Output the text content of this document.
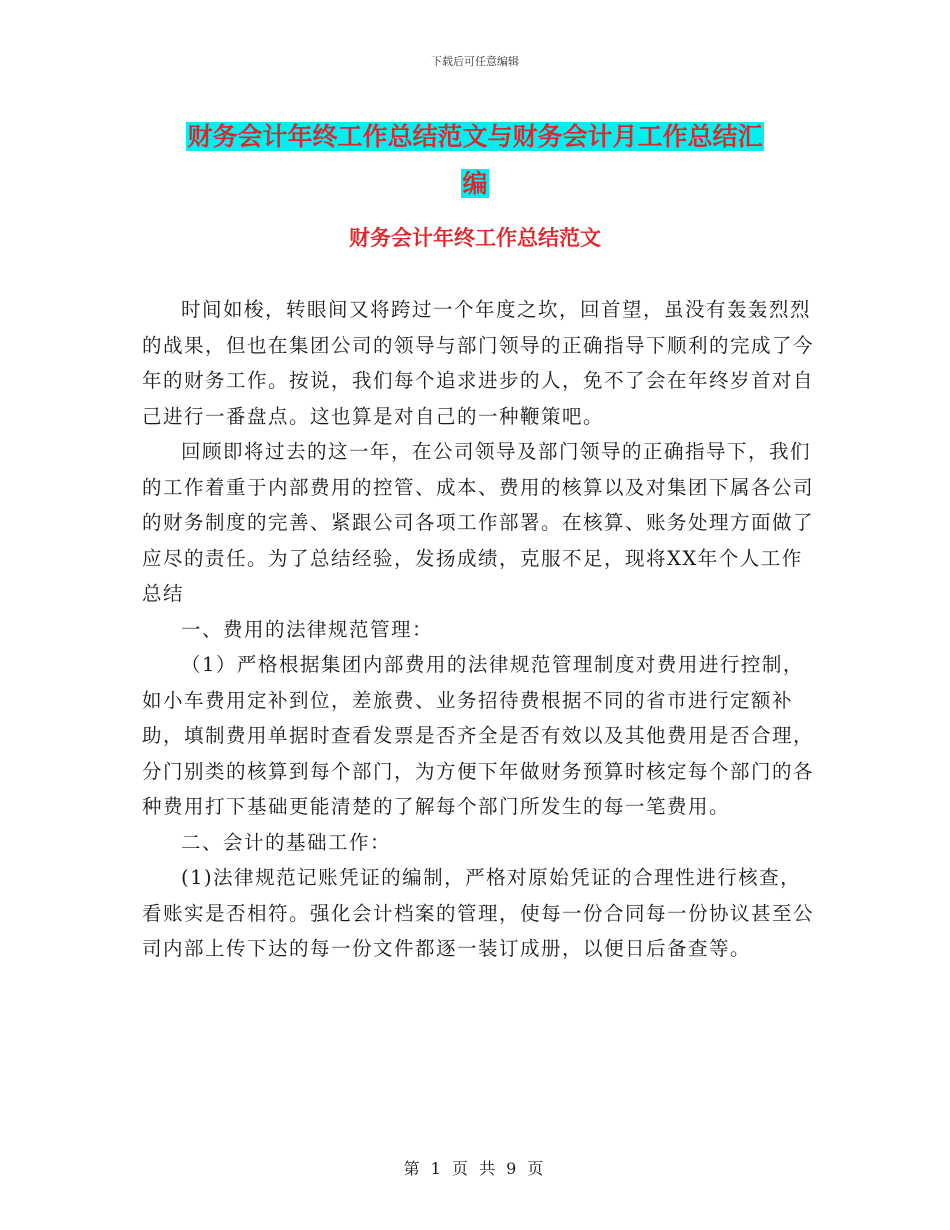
下载后可任意编辑
财务会计年终工作总结范文与财务会计月工作总结汇
编
财务会计年终工作总结范文

时间如梭，转眼间又将跨过一个年度之坎，回首望，虽没有轰轰烈烈的战果，但也在集团公司的领导与部门领导的正确指导下顺利的完成了今年的财务工作。按说，我们每个追求进步的人，免不了会在年终岁首对自己进行一番盘点。这也算是对自己的一种鞭策吧。

回顾即将过去的这一年，在公司领导及部门领导的正确指导下，我们的工作着重于内部费用的控管、成本、费用的核算以及对集团下属各公司的财务制度的完善、紧跟公司各项工作部署。在核算、账务处理方面做了应尽的责任。为了总结经验，发扬成绩，克服不足，现将XX年个人工作总结

一、费用的法律规范管理：

（1）严格根据集团内部费用的法律规范管理制度对费用进行控制，如小车费用定补到位，差旅费、业务招待费根据不同的省市进行定额补助，填制费用单据时查看发票是否齐全是否有效以及其他费用是否合理，分门别类的核算到每个部门，为方便下年做财务预算时核定每个部门的各种费用打下基础更能清楚的了解每个部门所发生的每一笔费用。

二、会计的基础工作：

(1)法律规范记账凭证的编制，严格对原始凭证的合理性进行核查，看账实是否相符。强化会计档案的管理，使每一份合同每一份协议甚至公司内部上传下达的每一份文件都逐一装订成册，以便日后备查等。

第 1 页 共 9 页
